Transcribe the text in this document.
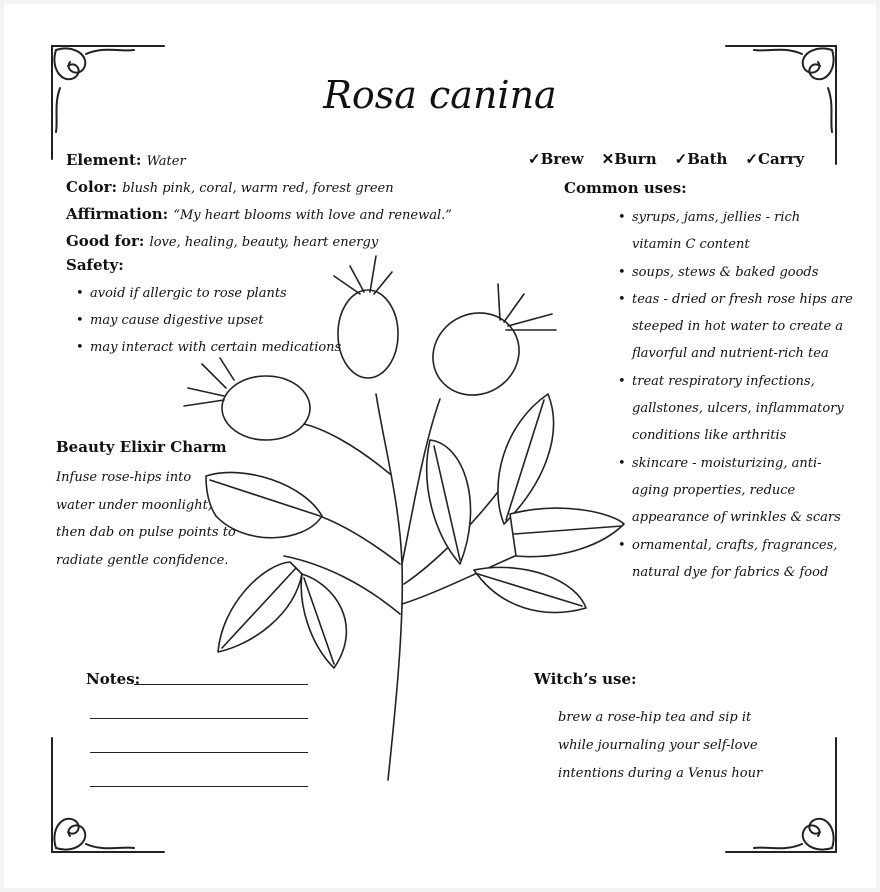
Rosa canina
Element: Water
Color: blush pink, coral, warm red, forest green
Affirmation: “My heart blooms with love and renewal.”
Good for: love, healing, beauty, heart energy
Safety:
• avoid if allergic to rose plants
• may cause digestive upset
• may interact with certain medications
Beauty Elixir Charm
Infuse rose-hips into
water under moonlight,
then dab on pulse points to
radiate gentle confidence.
✓Brew ✕Burn ✓Bath ✓Carry
Common uses:
• syrups, jams, jellies - rich
vitamin C content
• soups, stews & baked goods
• teas - dried or fresh rose hips are
steeped in hot water to create a
flavorful and nutrient-rich tea
• treat respiratory infections,
gallstones, ulcers, inflammatory
conditions like arthritis
• skincare - moisturizing, anti-
aging properties, reduce
appearance of wrinkles & scars
• ornamental, crafts, fragrances,
natural dye for fabrics & food
Notes:	Witch’s use:
brew a rose-hip tea and sip it
while journaling your self-love
intentions during a Venus hour
